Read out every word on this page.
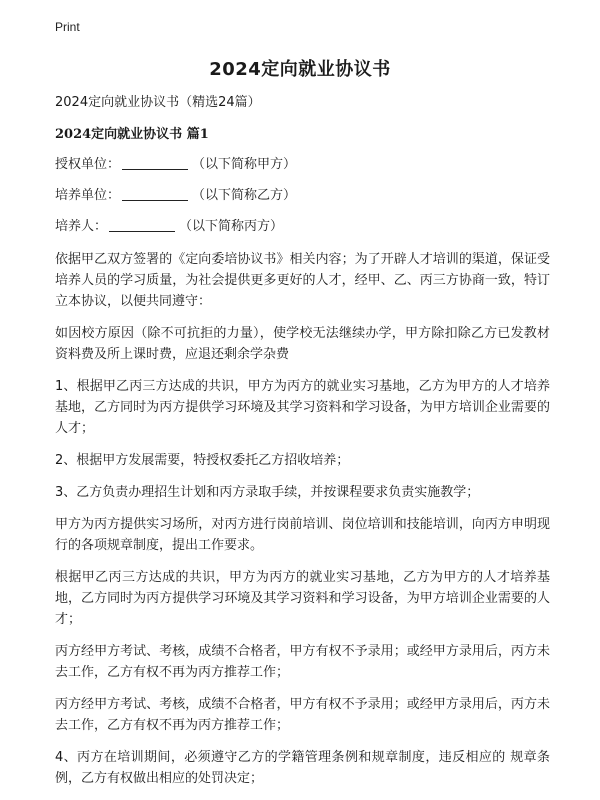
Print
2024定向就业协议书

2024定向就业协议书（精选24篇）

2024定向就业协议书 篇1

授权单位：	（以下简称甲方）

培养单位：	（以下简称乙方）

培养人：	（以下简称丙方）

依据甲乙双方签署的《定向委培协议书》相关内容；为了开辟人才培训的渠道，保证受培养人员的学习质量，为社会提供更多更好的人才，经甲、乙、丙三方协商一致，特订立本协议，以便共同遵守：

如因校方原因（除不可抗拒的力量），使学校无法继续办学，甲方除扣除乙方已发教材资料费及所上课时费，应退还剩余学杂费

1、根据甲乙丙三方达成的共识，甲方为丙方的就业实习基地，乙方为甲方的人才培养基地，乙方同时为丙方提供学习环境及其学习资料和学习设备，为甲方培训企业需要的人才；

2、根据甲方发展需要，特授权委托乙方招收培养；

3、乙方负责办理招生计划和丙方录取手续，并按课程要求负责实施教学；

甲方为丙方提供实习场所，对丙方进行岗前培训、岗位培训和技能培训，向丙方申明现行的各项规章制度，提出工作要求。

根据甲乙丙三方达成的共识，甲方为丙方的就业实习基地，乙方为甲方的人才培养基地，乙方同时为丙方提供学习环境及其学习资料和学习设备，为甲方培训企业需要的人才；

丙方经甲方考试、考核，成绩不合格者，甲方有权不予录用；或经甲方录用后，丙方未去工作，乙方有权不再为丙方推荐工作；

丙方经甲方考试、考核，成绩不合格者，甲方有权不予录用；或经甲方录用后，丙方未去工作，乙方有权不再为丙方推荐工作；

4、丙方在培训期间，必须遵守乙方的学籍管理条例和规章制度，违反相应的 规章条例，乙方有权做出相应的处罚决定；
